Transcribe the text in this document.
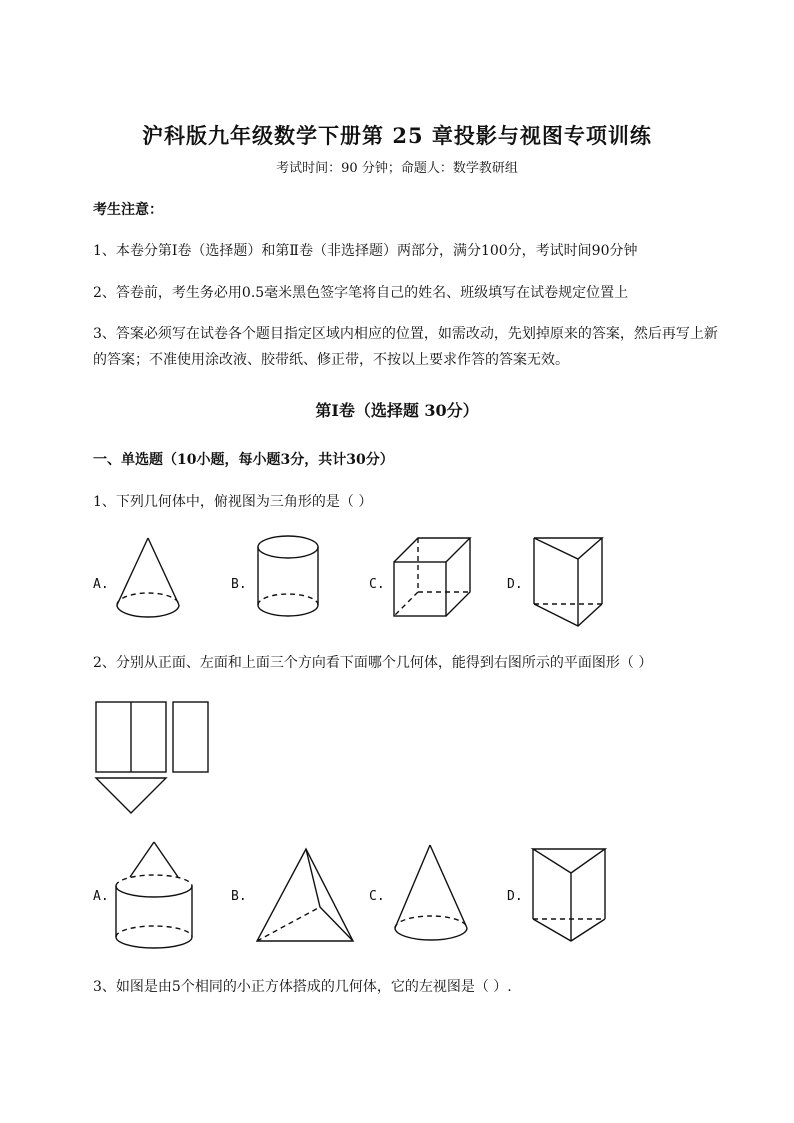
沪科版九年级数学下册第 25 章投影与视图专项训练
考试时间：90 分钟；命题人：数学教研组
考生注意：
1、本卷分第I卷（选择题）和第Ⅱ卷（非选择题）两部分，满分100分，考试时间90分钟
2、答卷前，考生务必用0.5毫米黑色签字笔将自己的姓名、班级填写在试卷规定位置上
3、答案必须写在试卷各个题目指定区域内相应的位置，如需改动，先划掉原来的答案，然后再写上新
的答案；不准使用涂改液、胶带纸、修正带，不按以上要求作答的答案无效。
第I卷（选择题 30分）
一、单选题（10小题，每小题3分，共计30分）
1、下列几何体中，俯视图为三角形的是（ ）
A.	B.	C.	D.
2、分别从正面、左面和上面三个方向看下面哪个几何体，能得到右图所示的平面图形（ ）
A.	B.	C.	D.
3、如图是由5个相同的小正方体搭成的几何体，它的左视图是（ ）.
